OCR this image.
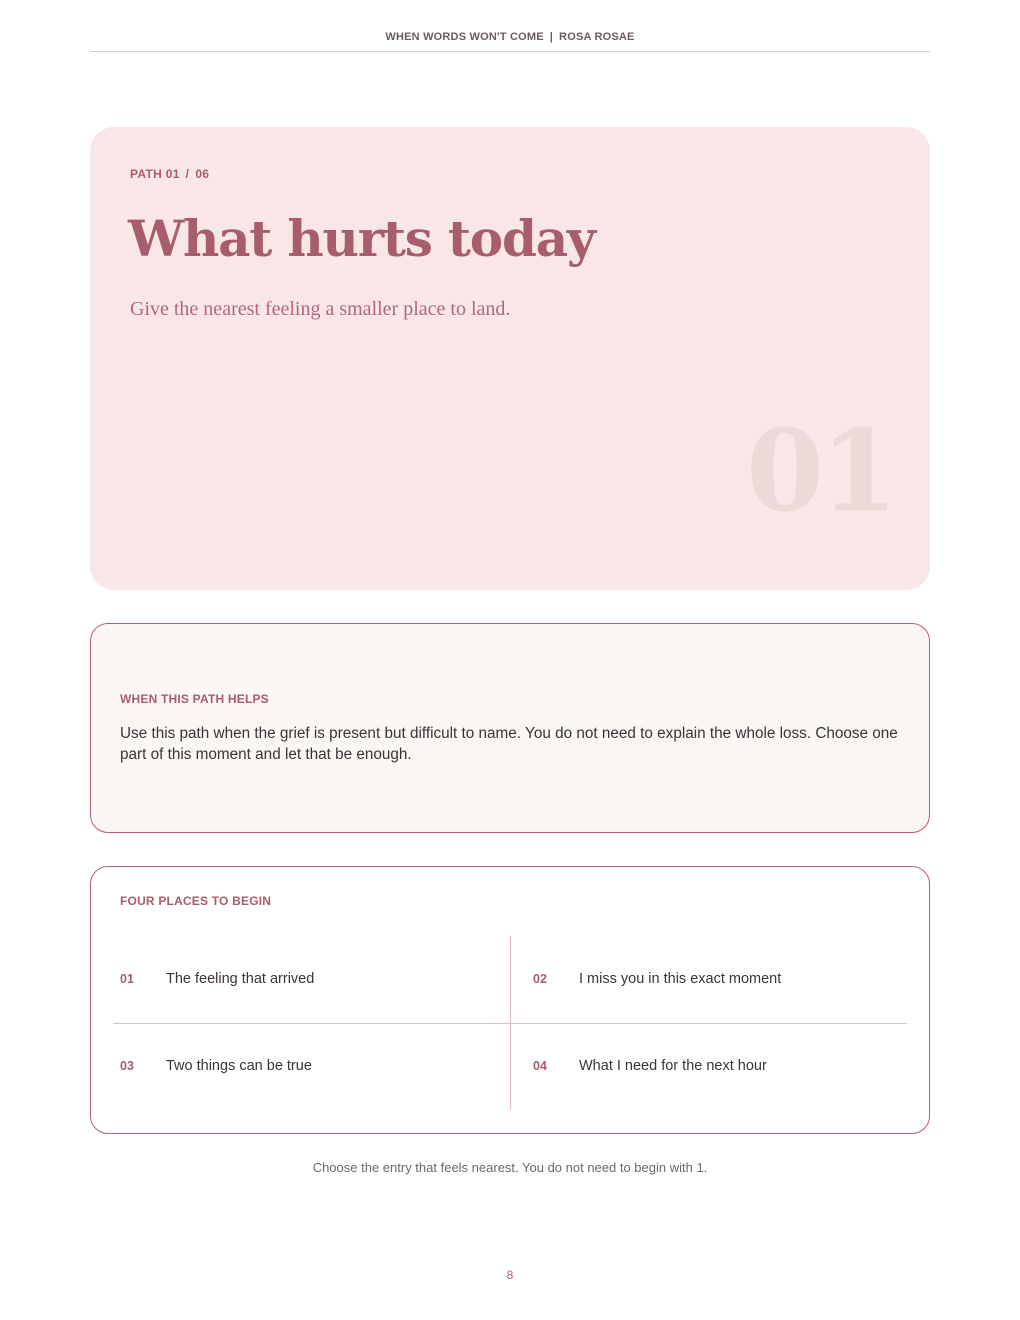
WHEN WORDS WON'T COME | ROSA ROSAE
PATH 01 / 06
What hurts today
Give the nearest feeling a smaller place to land.
01
WHEN THIS PATH HELPS

Use this path when the grief is present but difficult to name. You do not need to explain the whole loss. Choose one part of this moment and let that be enough.

FOUR PLACES TO BEGIN
01 The feeling that arrived	02 I miss you in this exact moment
03 Two things can be true	04 What I need for the next hour
Choose the entry that feels nearest. You do not need to begin with 1.
8
